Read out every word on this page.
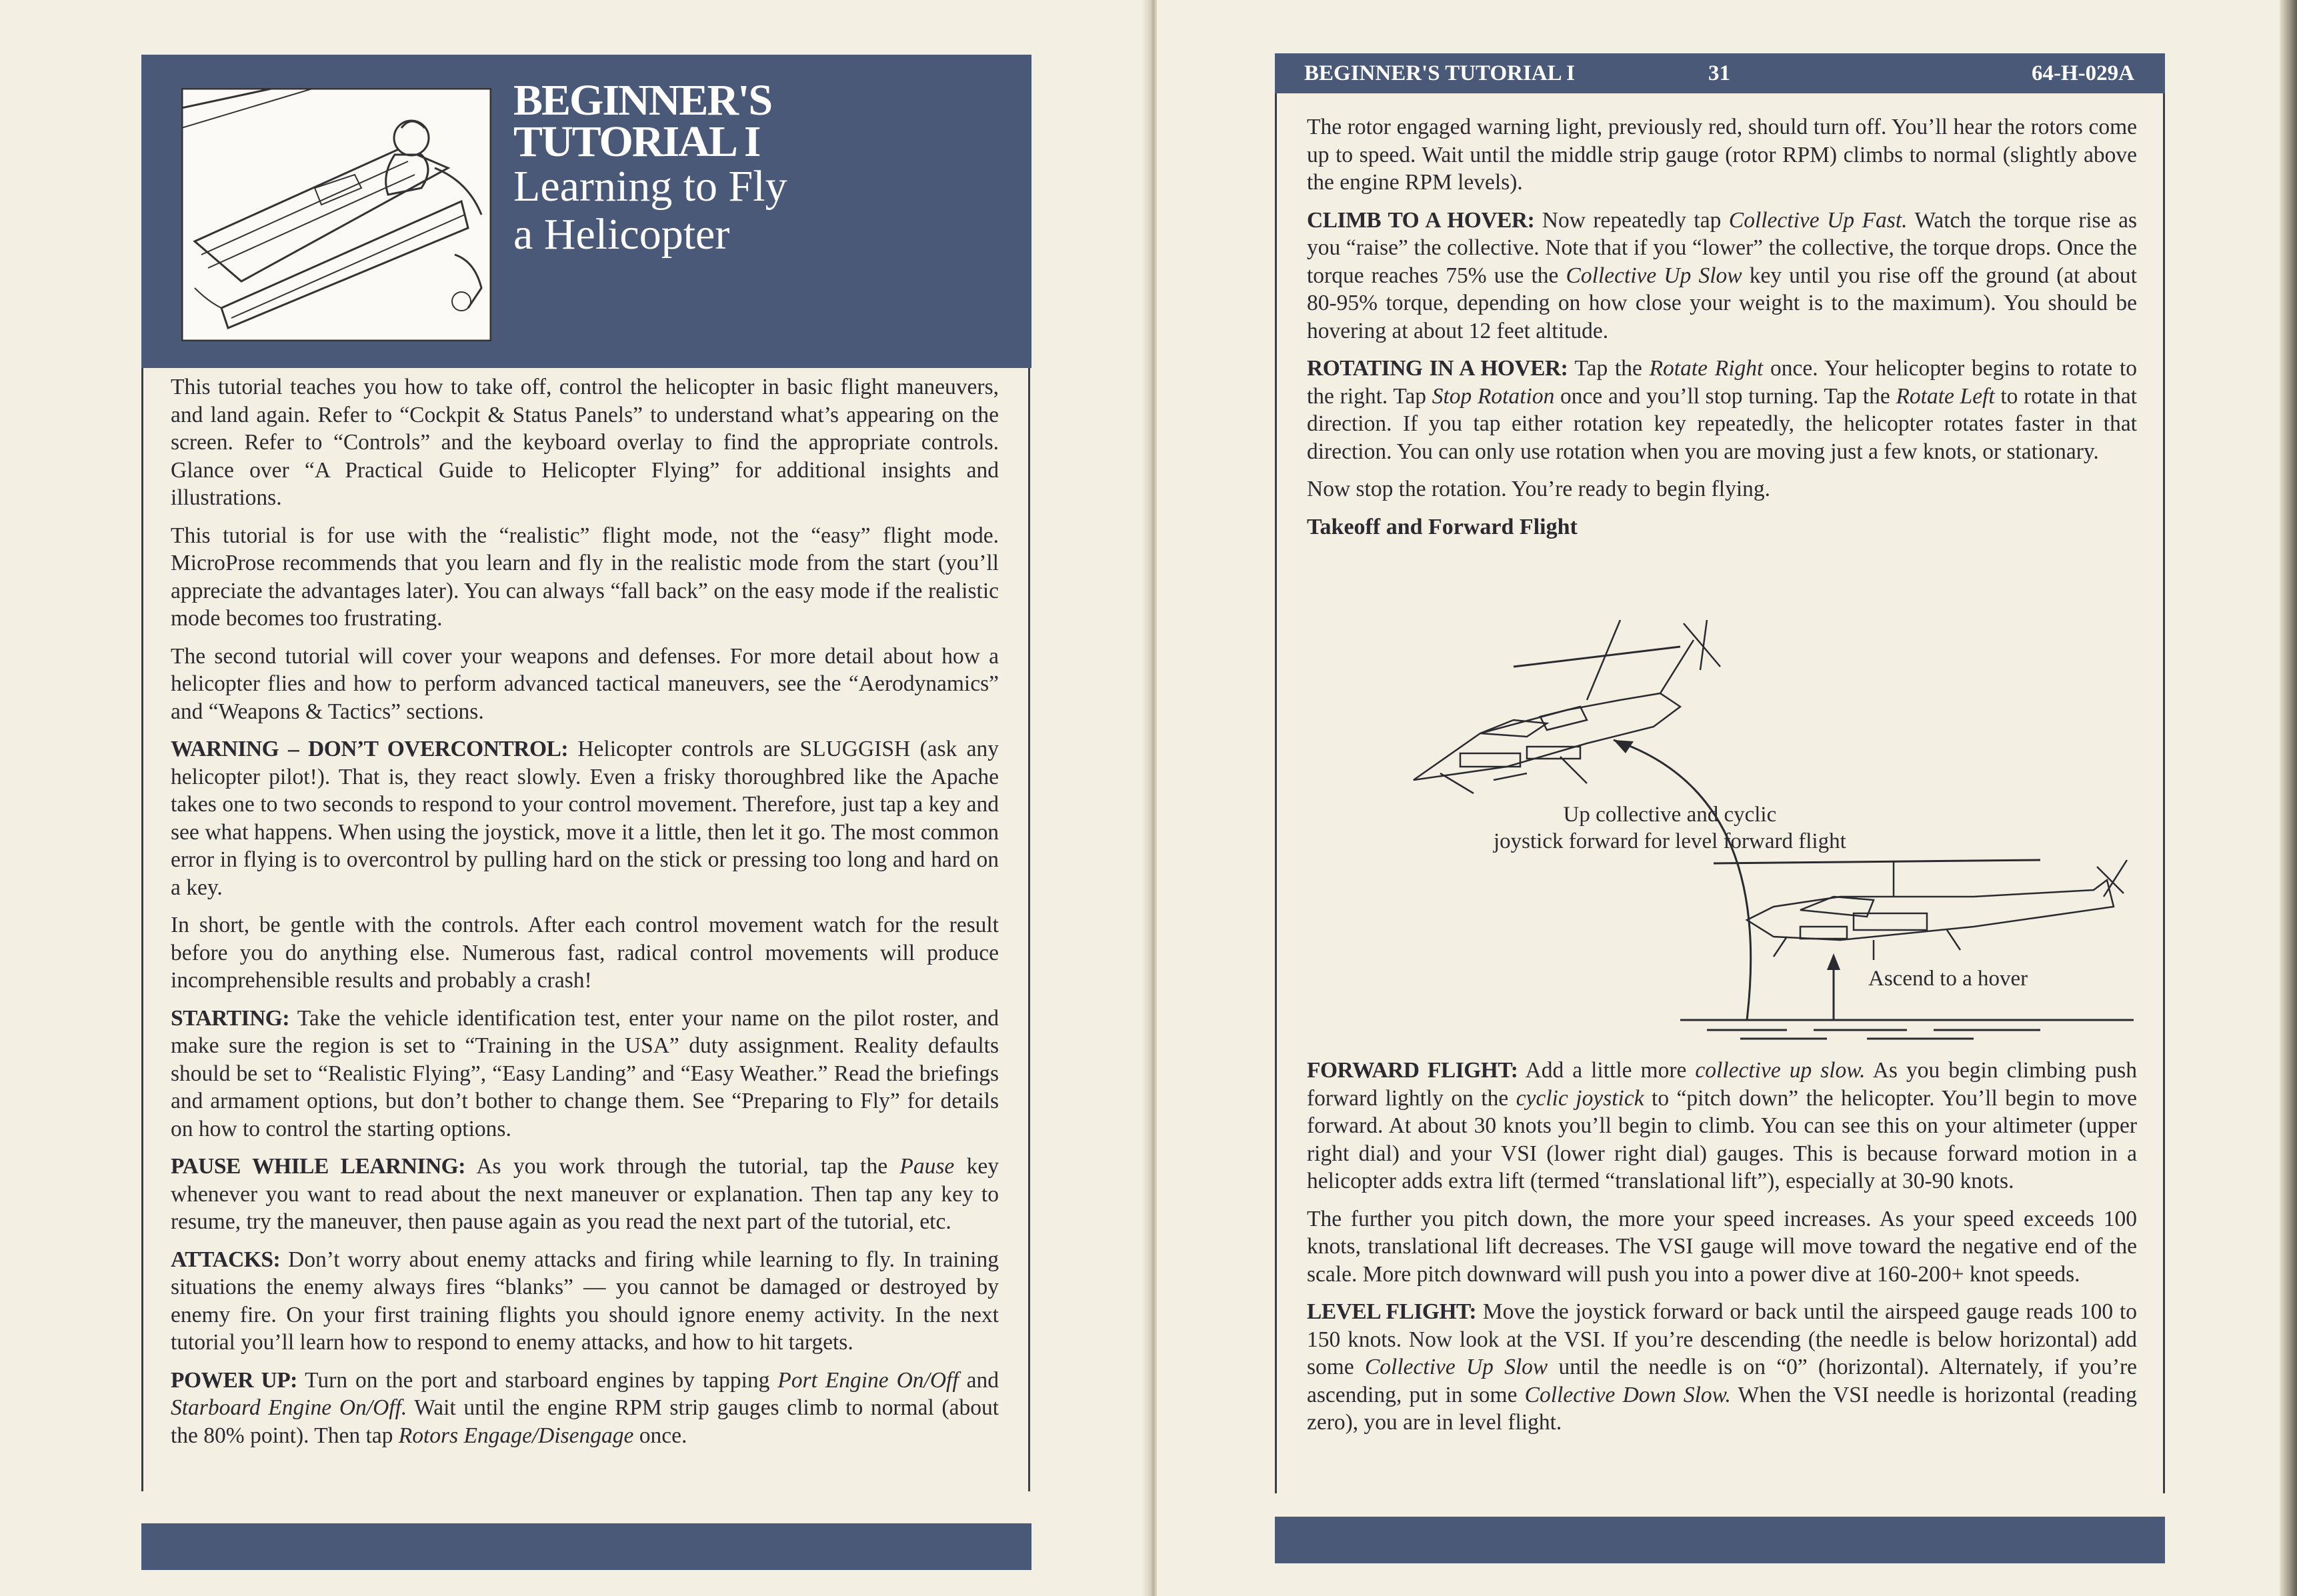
BEGINNER'S
TUTORIAL I
Learning to Fly
a Helicopter

This tutorial teaches you how to take off, control the helicopter in basic flight maneuvers, and land again. Refer to “Cockpit & Status Panels” to understand what’s appearing on the screen. Refer to “Controls” and the keyboard overlay to find the appropriate controls. Glance over “A Practical Guide to Helicopter Flying” for additional insights and illustrations.

This tutorial is for use with the “realistic” flight mode, not the “easy” flight mode. MicroProse recommends that you learn and fly in the realistic mode from the start (you’ll appreciate the advantages later). You can always “fall back” on the easy mode if the realistic mode becomes too frustrating.

The second tutorial will cover your weapons and defenses. For more detail about how a helicopter flies and how to perform advanced tactical maneuvers, see the “Aerodynamics” and “Weapons & Tactics” sections.

WARNING – DON’T OVERCONTROL: Helicopter controls are SLUGGISH (ask any helicopter pilot!). That is, they react slowly. Even a frisky thoroughbred like the Apache takes one to two seconds to respond to your control movement. Therefore, just tap a key and see what happens. When using the joystick, move it a little, then let it go. The most common error in flying is to overcontrol by pulling hard on the stick or pressing too long and hard on a key.

In short, be gentle with the controls. After each control movement watch for the result before you do anything else. Numerous fast, radical control movements will produce incomprehensible results and probably a crash!

STARTING: Take the vehicle identification test, enter your name on the pilot roster, and make sure the region is set to “Training in the USA” duty assignment. Reality defaults should be set to “Realistic Flying”, “Easy Landing” and “Easy Weather.” Read the briefings and armament options, but don’t bother to change them. See “Preparing to Fly” for details on how to control the starting options.

PAUSE WHILE LEARNING: As you work through the tutorial, tap the Pause key whenever you want to read about the next maneuver or explanation. Then tap any key to resume, try the maneuver, then pause again as you read the next part of the tutorial, etc.

ATTACKS: Don’t worry about enemy attacks and firing while learning to fly. In training situations the enemy always fires “blanks” — you cannot be damaged or destroyed by enemy fire. On your first training flights you should ignore enemy activity. In the next tutorial you’ll learn how to respond to enemy attacks, and how to hit targets.

POWER UP: Turn on the port and starboard engines by tapping Port Engine On/Off and Starboard Engine On/Off. Wait until the engine RPM strip gauges climb to normal (about the 80% point). Then tap Rotors Engage/Disengage once.

BEGINNER'S TUTORIAL I	31	64-H-029A

The rotor engaged warning light, previously red, should turn off. You’ll hear the rotors come up to speed. Wait until the middle strip gauge (rotor RPM) climbs to normal (slightly above the engine RPM levels).

CLIMB TO A HOVER: Now repeatedly tap Collective Up Fast. Watch the torque rise as you “raise” the collective. Note that if you “lower” the collective, the torque drops. Once the torque reaches 75% use the Collective Up Slow key until you rise off the ground (at about 80-95% torque, depending on how close your weight is to the maximum). You should be hovering at about 12 feet altitude.

ROTATING IN A HOVER: Tap the Rotate Right once. Your helicopter begins to rotate to the right. Tap Stop Rotation once and you’ll stop turning. Tap the Rotate Left to rotate in that direction. If you tap either rotation key repeatedly, the helicopter rotates faster in that direction. You can only use rotation when you are moving just a few knots, or stationary.

Now stop the rotation. You’re ready to begin flying.

Takeoff and Forward Flight

Up collective and cyclic
joystick forward for level forward flight
Ascend to a hover

FORWARD FLIGHT: Add a little more collective up slow. As you begin climbing push forward lightly on the cyclic joystick to “pitch down” the helicopter. You’ll begin to move forward. At about 30 knots you’ll begin to climb. You can see this on your altimeter (upper right dial) and your VSI (lower right dial) gauges. This is because forward motion in a helicopter adds extra lift (termed “translational lift”), especially at 30-90 knots.

The further you pitch down, the more your speed increases. As your speed exceeds 100 knots, translational lift decreases. The VSI gauge will move toward the negative end of the scale. More pitch downward will push you into a power dive at 160-200+ knot speeds.

LEVEL FLIGHT: Move the joystick forward or back until the airspeed gauge reads 100 to 150 knots. Now look at the VSI. If you’re descending (the needle is below horizontal) add some Collective Up Slow until the needle is on “0” (horizontal). Alternately, if you’re ascending, put in some Collective Down Slow. When the VSI needle is horizontal (reading zero), you are in level flight.
